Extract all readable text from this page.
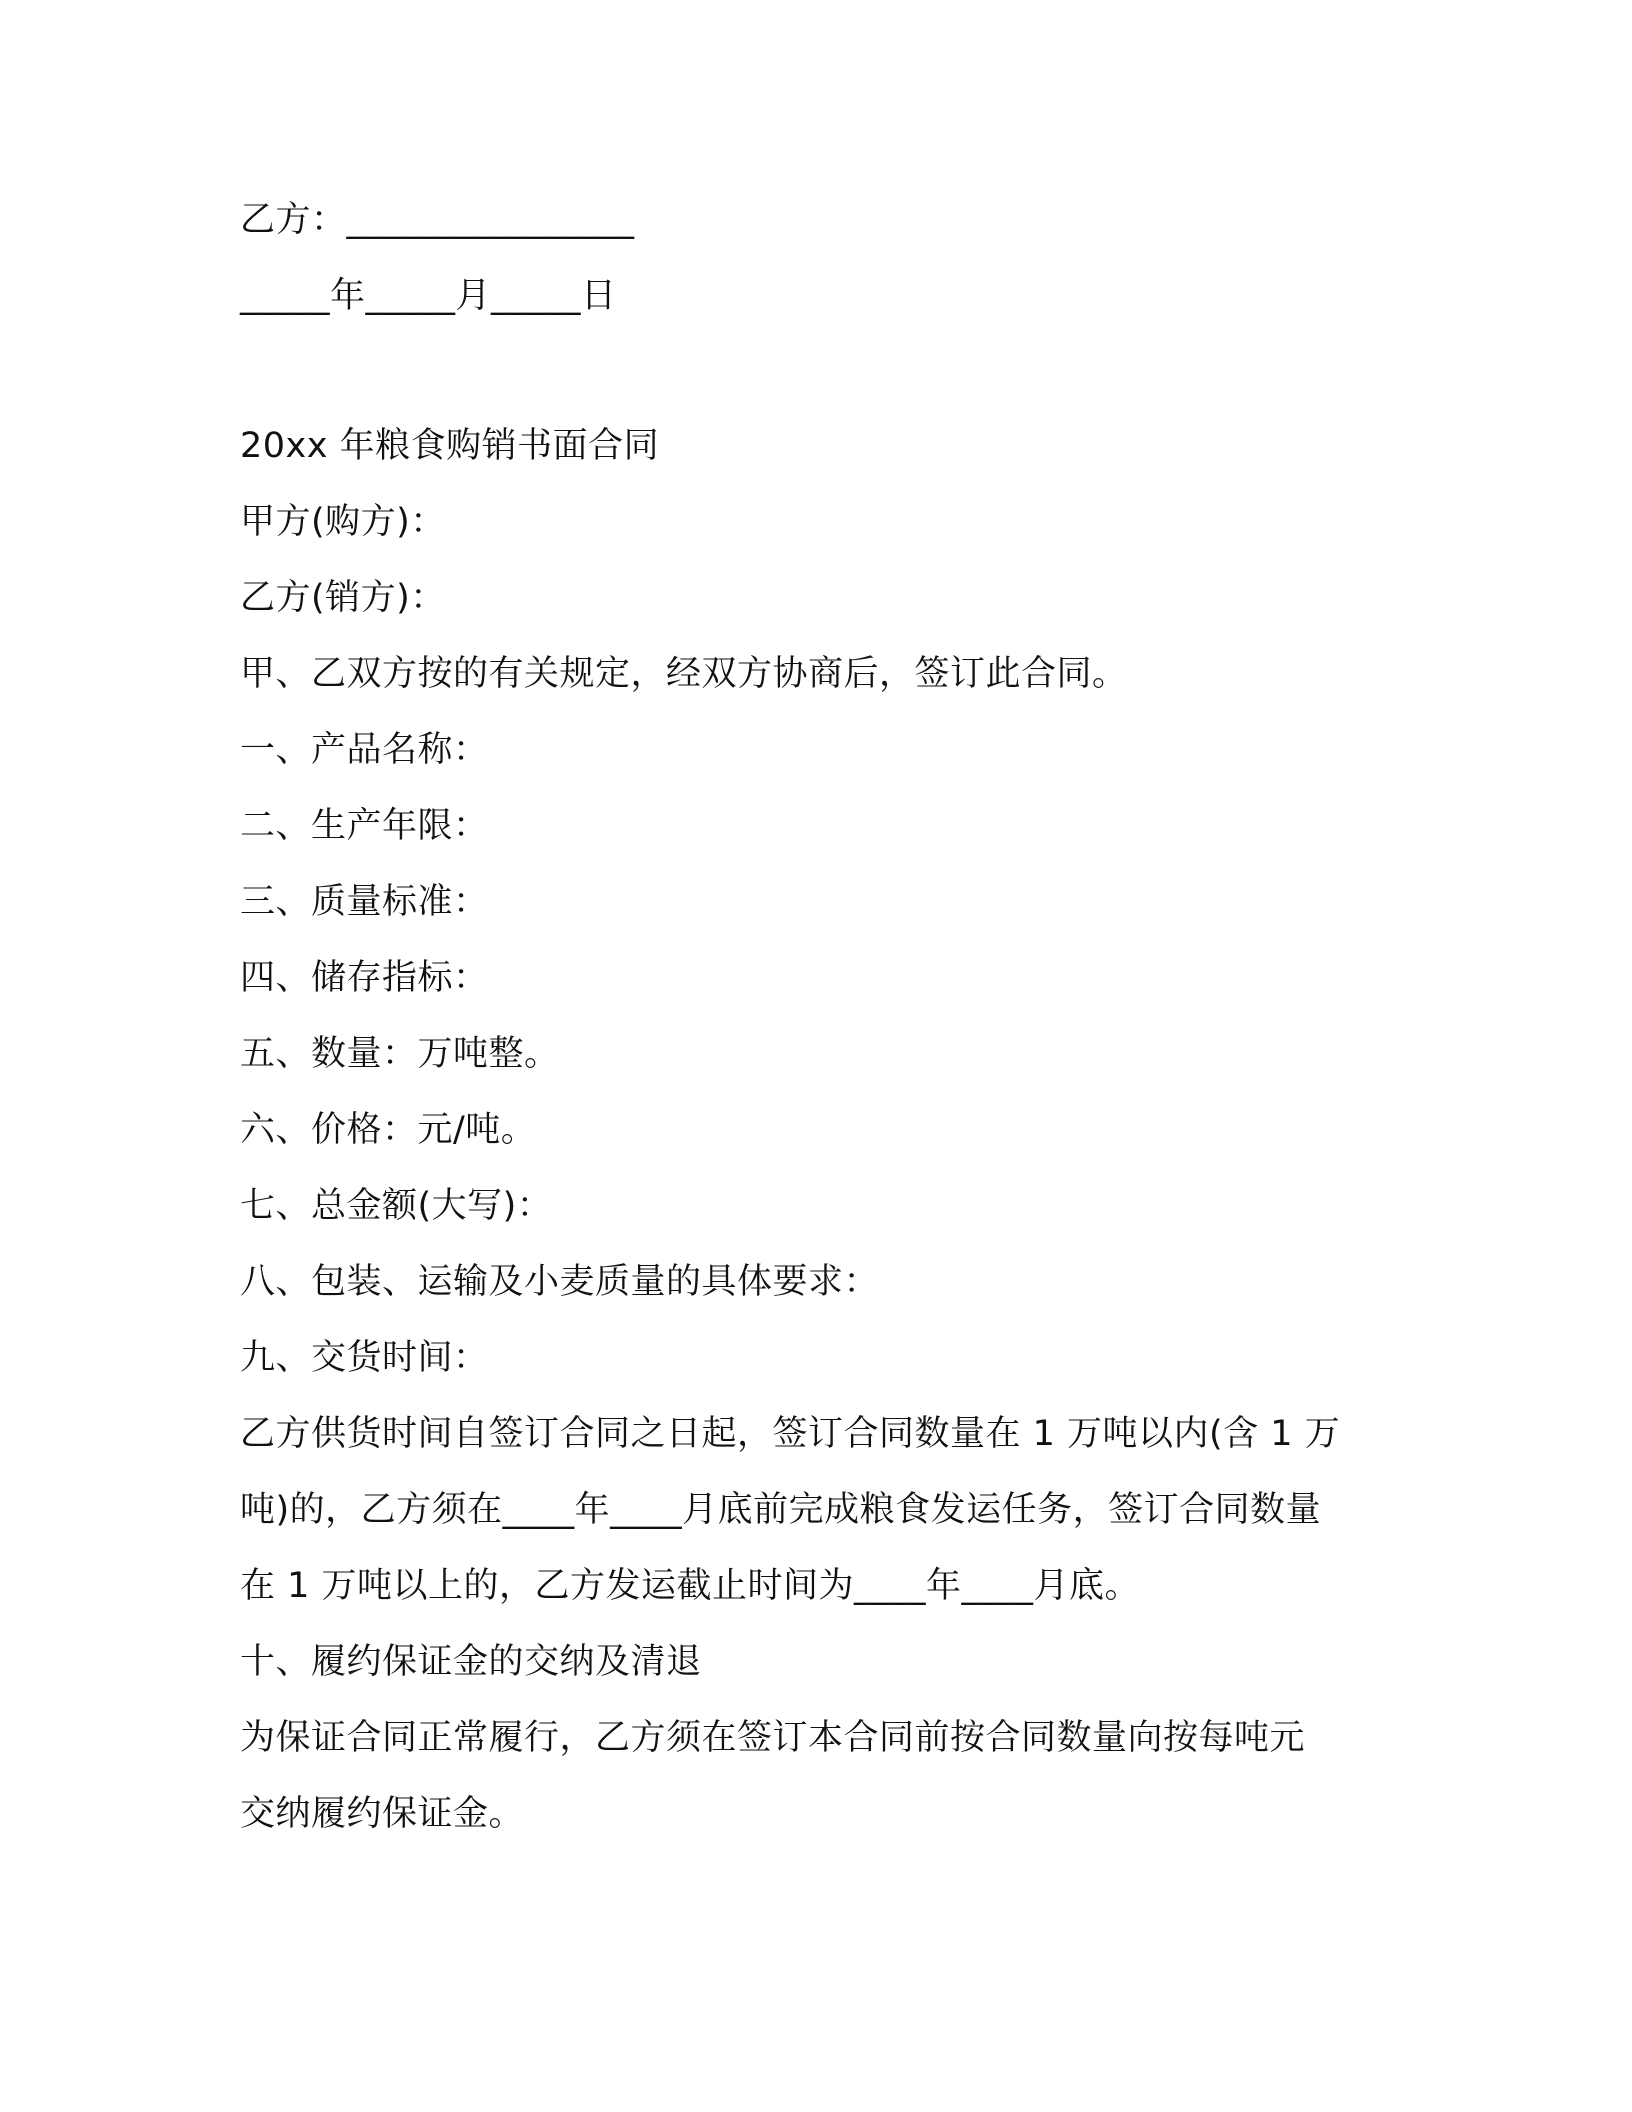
乙方：________________
_____年_____月_____日
20xx 年粮食购销书面合同
甲方(购方)：
乙方(销方)：
甲、乙双方按的有关规定，经双方协商后，签订此合同。
一、产品名称：
二、生产年限：
三、质量标准：
四、储存指标：
五、数量：万吨整。
六、价格：元/吨。
七、总金额(大写)：
八、包装、运输及小麦质量的具体要求：
九、交货时间：
乙方供货时间自签订合同之日起，签订合同数量在 1 万吨以内(含 1 万
吨)的，乙方须在____年____月底前完成粮食发运任务，签订合同数量
在 1 万吨以上的，乙方发运截止时间为____年____月底。
十、履约保证金的交纳及清退
为保证合同正常履行，乙方须在签订本合同前按合同数量向按每吨元
交纳履约保证金。
